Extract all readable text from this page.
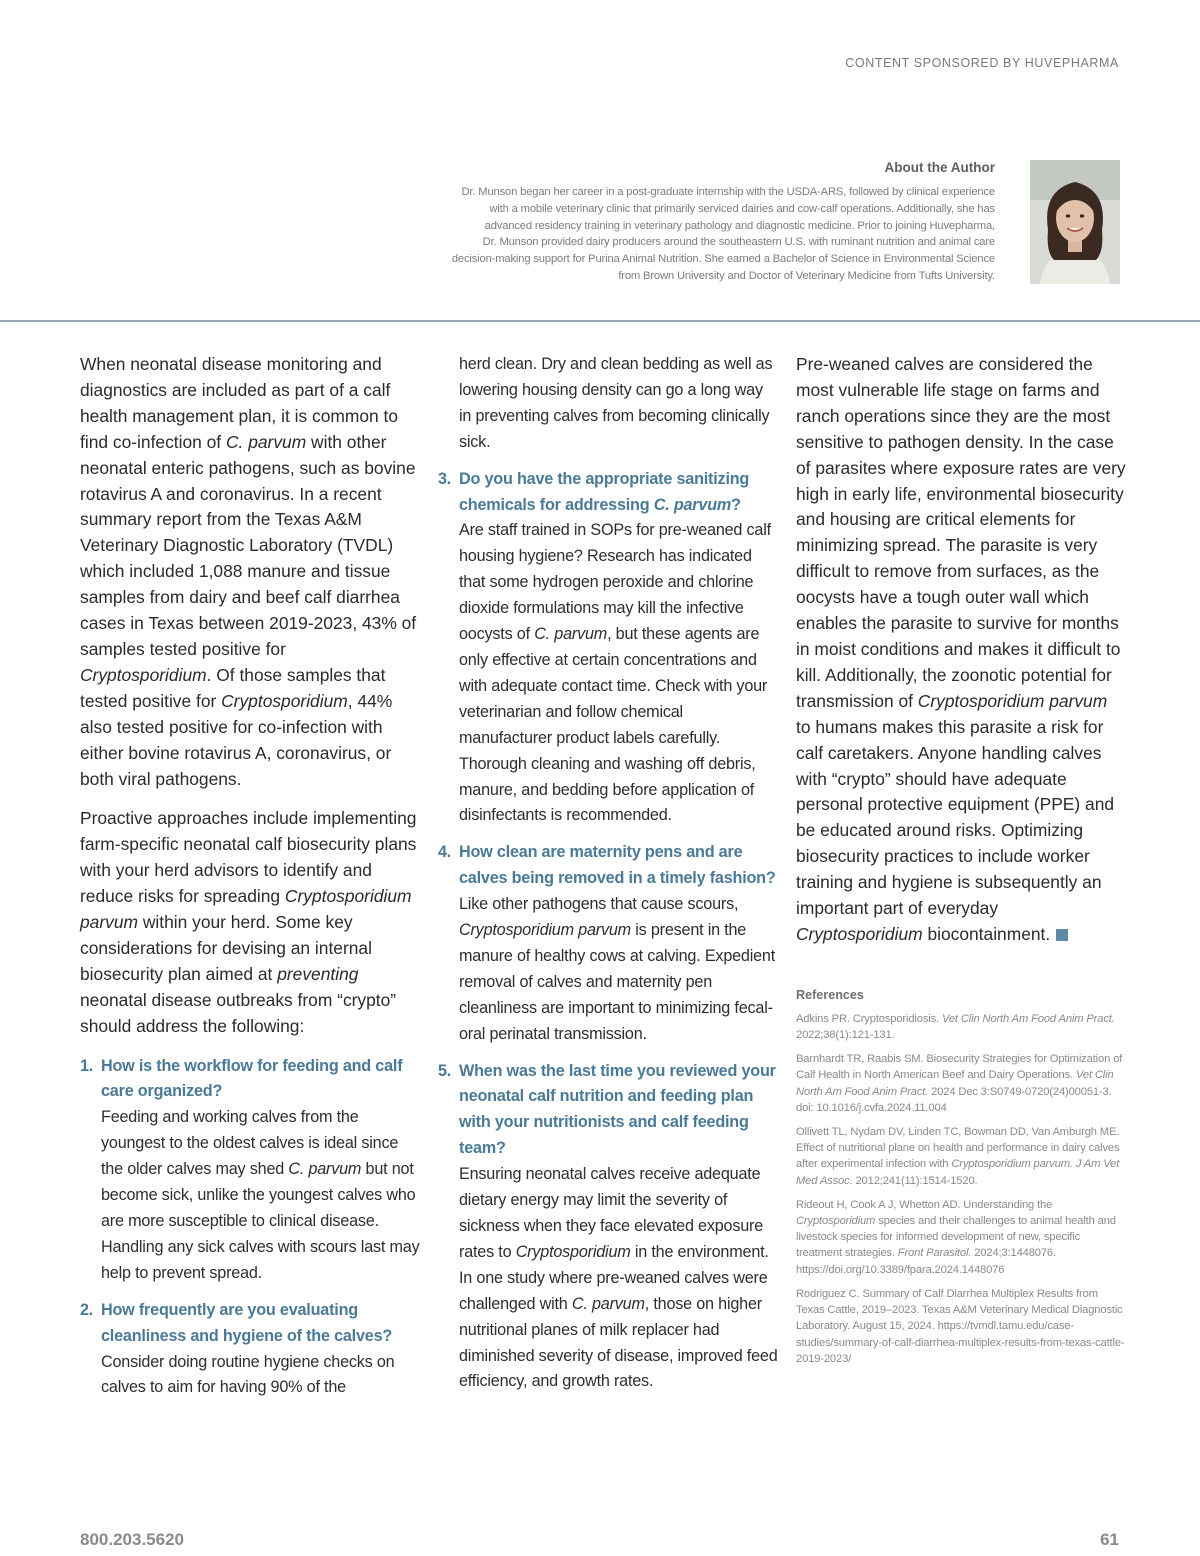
CONTENT SPONSORED BY HUVEPHARMA
About the Author
Dr. Munson began her career in a post-graduate internship with the USDA-ARS, followed by clinical experience
with a mobile veterinary clinic that primarily serviced dairies and cow-calf operations. Additionally, she has
advanced residency training in veterinary pathology and diagnostic medicine. Prior to joining Huvepharma,
Dr. Munson provided dairy producers around the southeastern U.S. with ruminant nutrition and animal care
decision-making support for Purina Animal Nutrition. She earned a Bachelor of Science in Environmental Science
from Brown University and Doctor of Veterinary Medicine from Tufts University.

When neonatal disease monitoring and diagnostics are included as part of a calf health management plan, it is common to find co-infection of C. parvum with other neonatal enteric pathogens, such as bovine rotavirus A and coronavirus. In a recent summary report from the Texas A&M Veterinary Diagnostic Laboratory (TVDL) which included 1,088 manure and tissue samples from dairy and beef calf diarrhea cases in Texas between 2019-2023, 43% of samples tested positive for Cryptosporidium. Of those samples that tested positive for Cryptosporidium, 44% also tested positive for co-infection with either bovine rotavirus A, coronavirus, or both viral pathogens.

Proactive approaches include implementing farm-specific neonatal calf biosecurity plans with your herd advisors to identify and reduce risks for spreading Cryptosporidium parvum within your herd. Some key considerations for devising an internal biosecurity plan aimed at preventing neonatal disease outbreaks from “crypto” should address the following:

1. How is the workflow for feeding and calf care organized?
Feeding and working calves from the youngest to the oldest calves is ideal since the older calves may shed C. parvum but not become sick, unlike the youngest calves who are more susceptible to clinical disease. Handling any sick calves with scours last may help to prevent spread.
2. How frequently are you evaluating cleanliness and hygiene of the calves?
Consider doing routine hygiene checks on calves to aim for having 90% of the
herd clean. Dry and clean bedding as well as lowering housing density can go a long way in preventing calves from becoming clinically sick.
3. Do you have the appropriate sanitizing chemicals for addressing C. parvum?
Are staff trained in SOPs for pre-weaned calf housing hygiene? Research has indicated that some hydrogen peroxide and chlorine dioxide formulations may kill the infective oocysts of C. parvum, but these agents are only effective at certain concentrations and with adequate contact time. Check with your veterinarian and follow chemical manufacturer product labels carefully. Thorough cleaning and washing off debris, manure, and bedding before application of disinfectants is recommended.
4. How clean are maternity pens and are calves being removed in a timely fashion?
Like other pathogens that cause scours, Cryptosporidium parvum is present in the manure of healthy cows at calving. Expedient removal of calves and maternity pen cleanliness are important to minimizing fecal-oral perinatal transmission.
5. When was the last time you reviewed your neonatal calf nutrition and feeding plan with your nutritionists and calf feeding team?
Ensuring neonatal calves receive adequate dietary energy may limit the severity of sickness when they face elevated exposure rates to Cryptosporidium in the environment. In one study where pre-weaned calves were challenged with C. parvum, those on higher nutritional planes of milk replacer had diminished severity of disease, improved feed efficiency, and growth rates.

Pre-weaned calves are considered the most vulnerable life stage on farms and ranch operations since they are the most sensitive to pathogen density. In the case of parasites where exposure rates are very high in early life, environmental biosecurity and housing are critical elements for minimizing spread. The parasite is very difficult to remove from surfaces, as the oocysts have a tough outer wall which enables the parasite to survive for months in moist conditions and makes it difficult to kill. Additionally, the zoonotic potential for transmission of Cryptosporidium parvum to humans makes this parasite a risk for calf caretakers. Anyone handling calves with “crypto” should have adequate personal protective equipment (PPE) and be educated around risks. Optimizing biosecurity practices to include worker training and hygiene is subsequently an important part of everyday Cryptosporidium biocontainment.

References
Adkins PR. Cryptosporidiosis. Vet Clin North Am Food Anim Pract. 2022;38(1):121-131.
Barnhardt TR, Raabis SM. Biosecurity Strategies for Optimization of Calf Health in North American Beef and Dairy Operations. Vet Clin North Am Food Anim Pract. 2024 Dec 3:S0749-0720(24)00051-3. doi: 10.1016/j.cvfa.2024.11.004
Ollivett TL, Nydam DV, Linden TC, Bowman DD, Van Amburgh ME. Effect of nutritional plane on health and performance in dairy calves after experimental infection with Cryptosporidium parvum. J Am Vet Med Assoc. 2012;241(11):1514-1520.
Rideout H, Cook A J, Whetton AD. Understanding the Cryptosporidium species and their challenges to animal health and livestock species for informed development of new, specific treatment strategies. Front Parasitol. 2024;3:1448076. https://doi.org/10.3389/fpara.2024.1448076
Rodriguez C. Summary of Calf Diarrhea Multiplex Results from Texas Cattle, 2019–2023. Texas A&M Veterinary Medical Diagnostic Laboratory. August 15, 2024. https://tvmdl.tamu.edu/case-studies/summary-of-calf-diarrhea-multiplex-results-from-texas-cattle-2019-2023/
800.203.5620	61
